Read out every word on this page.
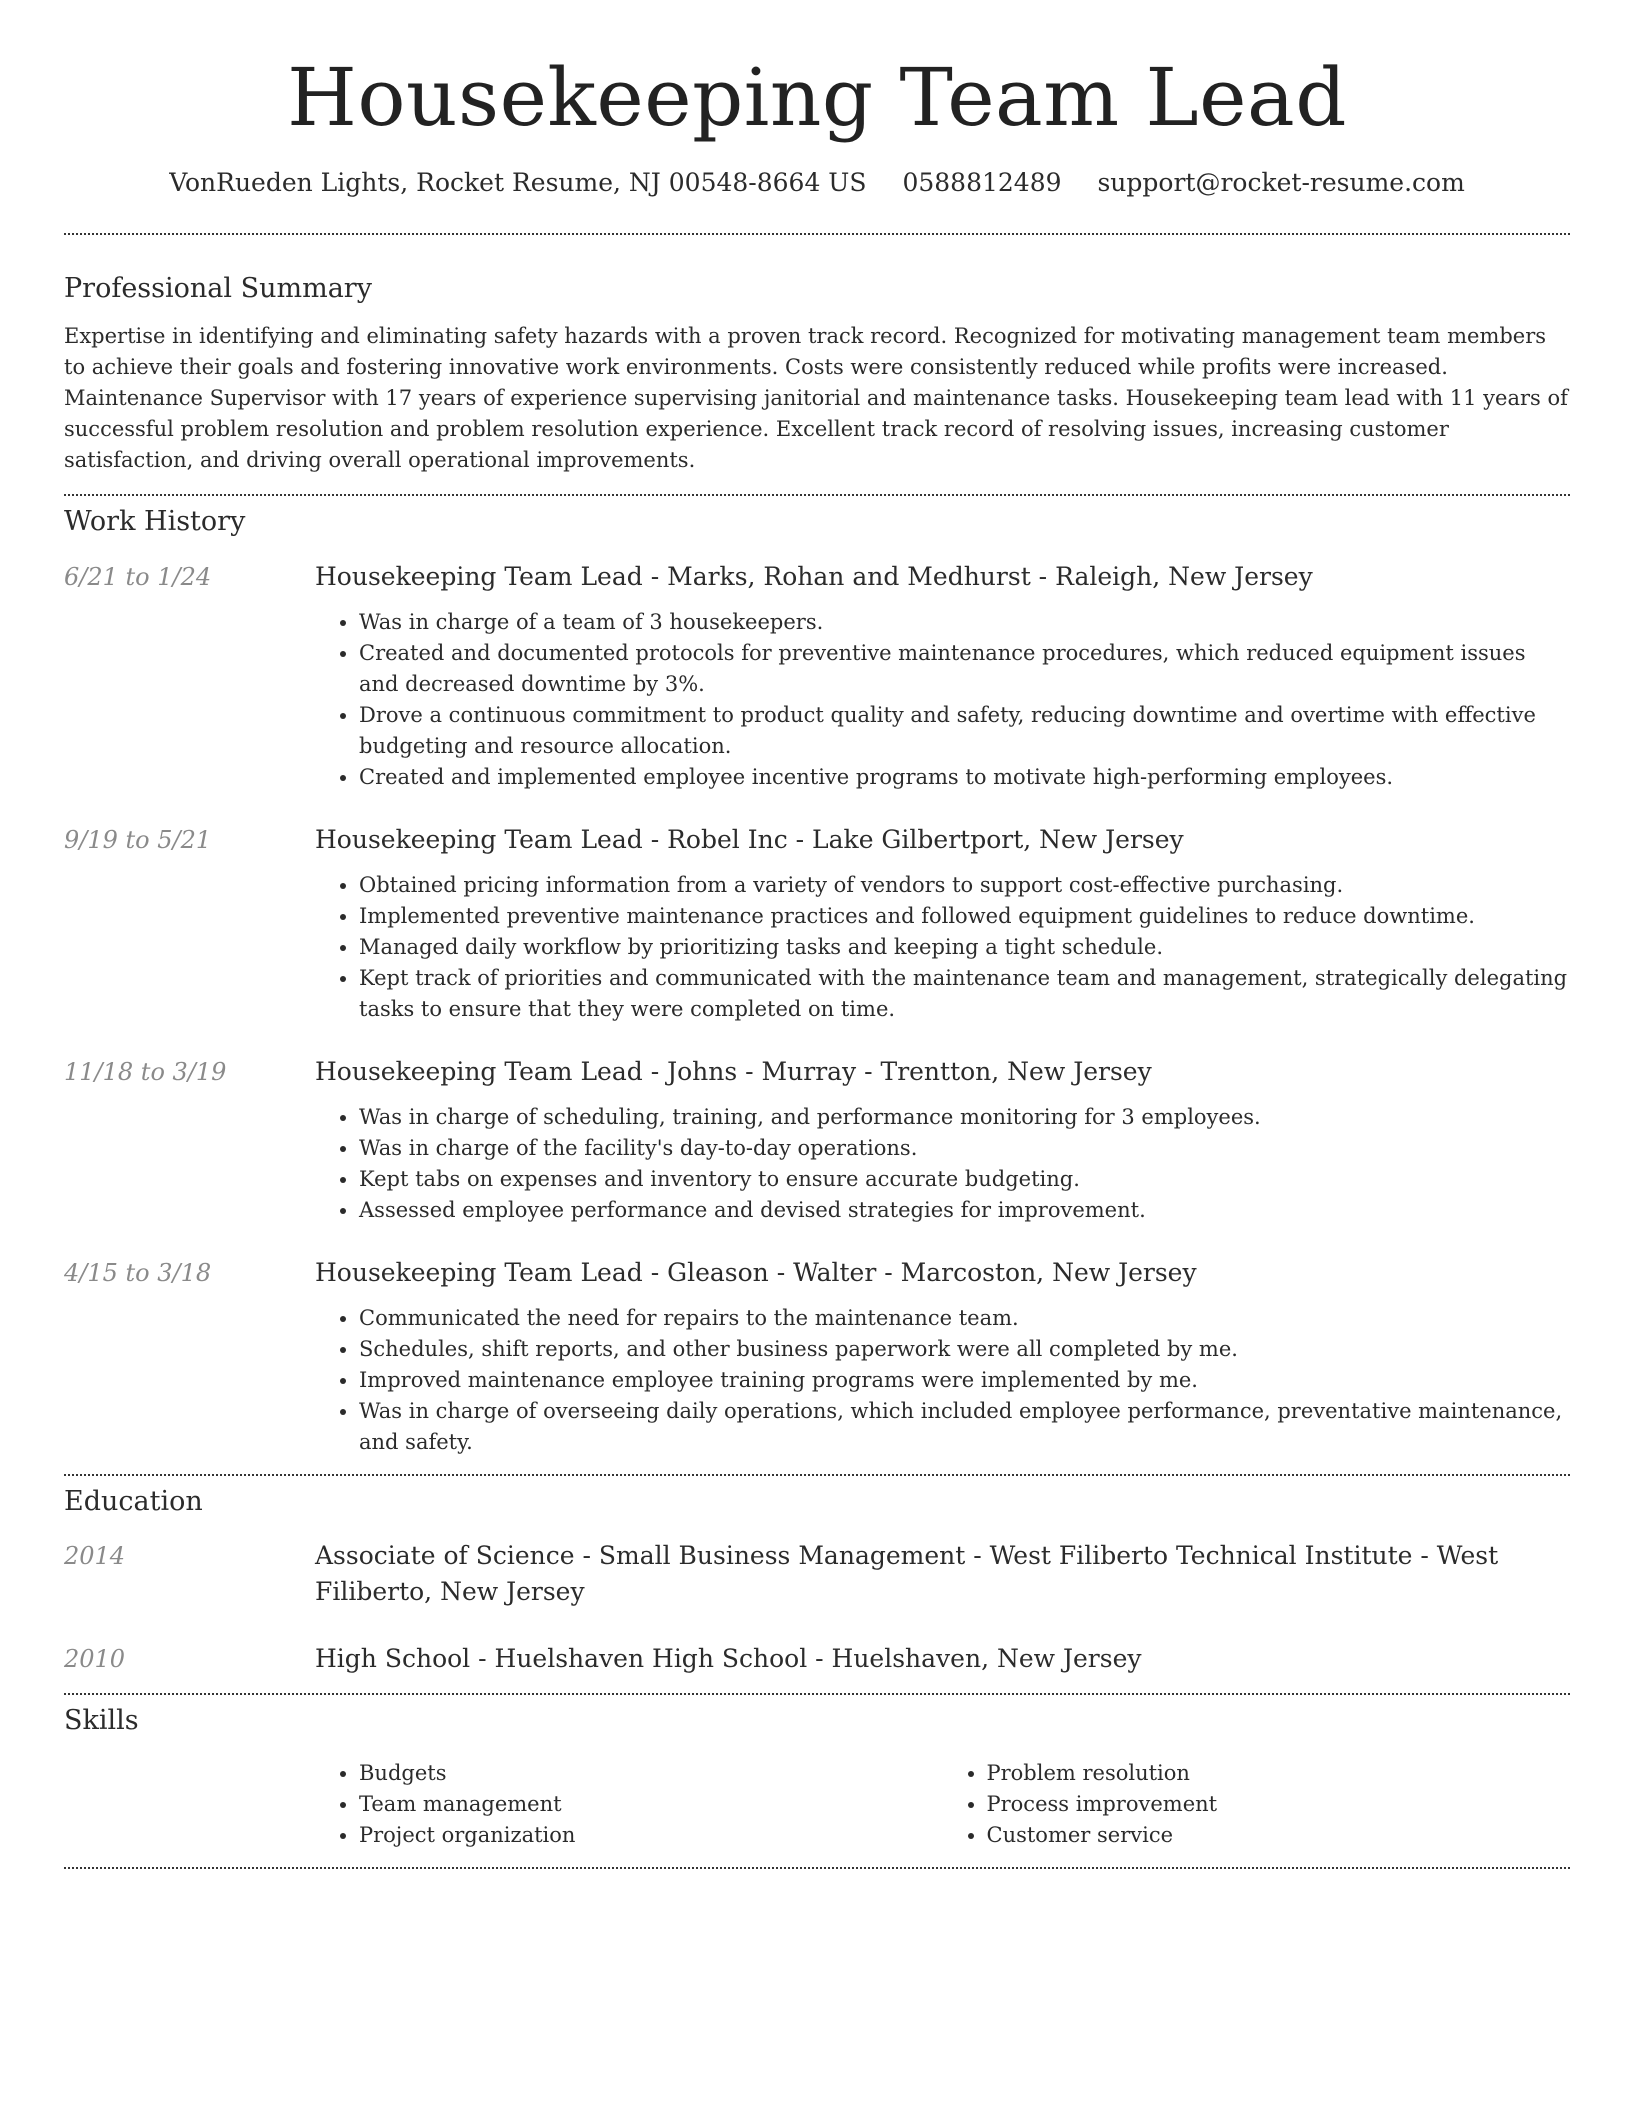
Housekeeping Team Lead
VonRueden Lights, Rocket Resume, NJ 00548-8664 US 0588812489 support@rocket-resume.com
Professional Summary

Expertise in identifying and eliminating safety hazards with a proven track record. Recognized for motivating management team members to achieve their goals and fostering innovative work environments. Costs were consistently reduced while profits were increased. Maintenance Supervisor with 17 years of experience supervising janitorial and maintenance tasks. Housekeeping team lead with 11 years of successful problem resolution and problem resolution experience. Excellent track record of resolving issues, increasing customer satisfaction, and driving overall operational improvements.

Work History
6/21 to 1/24	Housekeeping Team Lead - Marks, Rohan and Medhurst - Raleigh, New Jersey
• Was in charge of a team of 3 housekeepers.
• Created and documented protocols for preventive maintenance procedures, which reduced equipment issues and decreased downtime by 3%.
• Drove a continuous commitment to product quality and safety, reducing downtime and overtime with effective budgeting and resource allocation.
• Created and implemented employee incentive programs to motivate high-performing employees.
9/19 to 5/21	Housekeeping Team Lead - Robel Inc - Lake Gilbertport, New Jersey
• Obtained pricing information from a variety of vendors to support cost-effective purchasing.
• Implemented preventive maintenance practices and followed equipment guidelines to reduce downtime.
• Managed daily workflow by prioritizing tasks and keeping a tight schedule.
• Kept track of priorities and communicated with the maintenance team and management, strategically delegating tasks to ensure that they were completed on time.
11/18 to 3/19	Housekeeping Team Lead - Johns - Murray - Trentton, New Jersey
• Was in charge of scheduling, training, and performance monitoring for 3 employees.
• Was in charge of the facility's day-to-day operations.
• Kept tabs on expenses and inventory to ensure accurate budgeting.
• Assessed employee performance and devised strategies for improvement.
4/15 to 3/18	Housekeeping Team Lead - Gleason - Walter - Marcoston, New Jersey
• Communicated the need for repairs to the maintenance team.
• Schedules, shift reports, and other business paperwork were all completed by me.
• Improved maintenance employee training programs were implemented by me.
• Was in charge of overseeing daily operations, which included employee performance, preventative maintenance, and safety.
Education
2014	Associate of Science - Small Business Management - West Filiberto Technical Institute - West Filiberto, New Jersey
2010	High School - Huelshaven High School - Huelshaven, New Jersey
Skills
• Budgets
• Team management
• Project organization
• Problem resolution
• Process improvement
• Customer service
